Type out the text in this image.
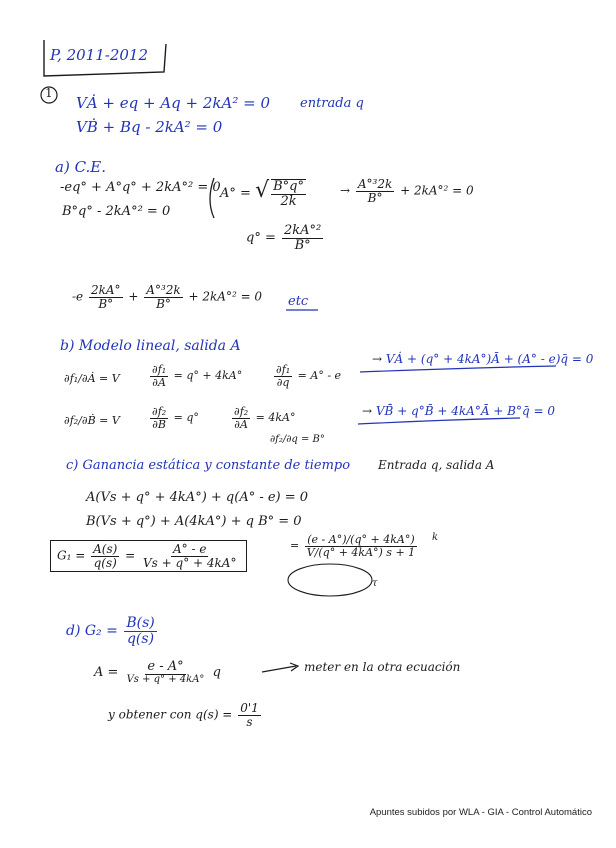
P, 2011-2012
1
VȦ + eq + Aq + 2kA² = 0 entrada q
VḂ + Bq - 2kA² = 0
a) C.E.
-eq° + A°q° + 2kA°² = 0
B°q° - 2kA°² = 0
A° = √ $\frac{B^\circ q^\circ}{2k}$
$q^\circ = \frac{\text{2kA°²}}{B^\circ}$
→ $\frac{\text{A°³2k}}{B^\circ} + 2kA^\circ^2 = 0$
$-e \frac{2kA^\circ}{B^\circ} + \frac{\text{A°³2k}}{B^\circ} + 2kA^\circ^2 = 0$ etc
b) Modelo lineal, salida A
∂f₁/∂Ȧ = V	$\frac{\text{∂f₁}}{\partial A} = q^\circ + 4kA^\circ$	$\frac{\text{∂f₁}}{\partial q} = A^\circ - e$
→ VȦ + (q° + 4kA°)Ā + (A° - e)q̄ = 0
∂f₂/∂Ḃ = V	$\frac{\text{∂f₂}}{\partial B} = q^\circ$	$\frac{\text{∂f₂}}{\partial A} = 4kA^\circ$
∂f₂/∂q = B°
→ VB̄̇ + q°B̄ + 4kA°Ā + B°q̄ = 0
c) Ganancia estática y constante de tiempo Entrada q, salida A
A(Vs + q° + 4kA°) + q(A° - e) = 0
B(Vs + q°) + A(4kA°) + q B° = 0
$G_1 = \frac{A(s)}{q(s)} = \frac{A^\circ - e}{Vs + q^\circ + 4kA^\circ}$	= $\frac{(e - A^\circ)/(q^\circ + 4kA^\circ)}{V/(q^\circ + 4kA^\circ) s + 1}$ k
τ
d) $G_2 = \frac{B(s)}{q(s)}$
$A = \frac{e - A^\circ}{Vs + q^\circ + 4kA^\circ}$ q	meter en la otra ecuación
y obtener con $q(s) = \frac{0'1}{s}$
Apuntes subidos por WLA - GIA - Control Automático
